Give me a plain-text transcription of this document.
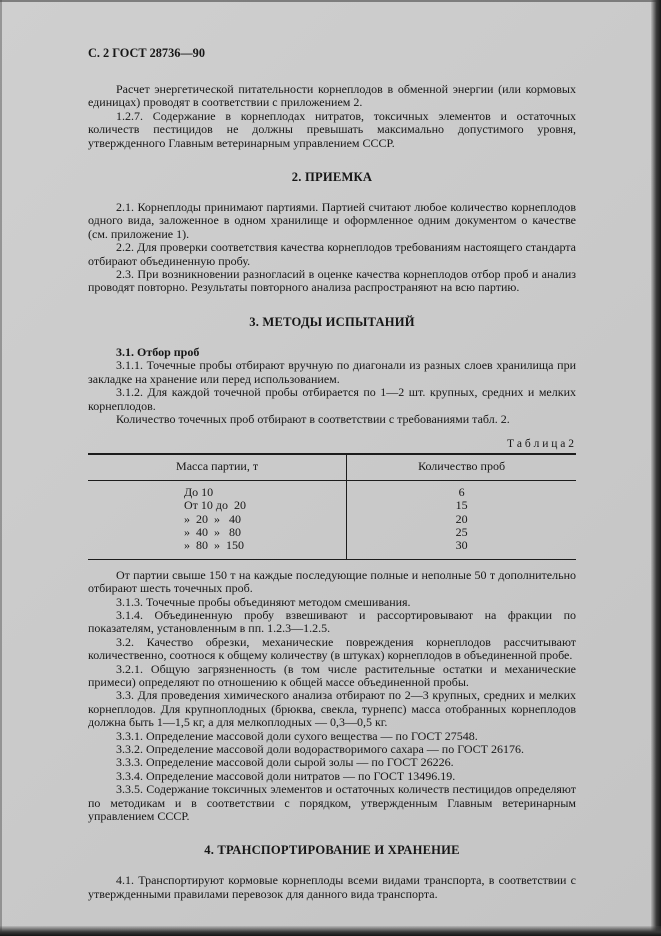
С. 2 ГОСТ 28736—90

Расчет энергетической питательности корнеплодов в обменной энергии (или кормовых единицах) проводят в соответствии с приложением 2.

1.2.7. Содержание в корнеплодах нитратов, токсичных элементов и остаточных количеств пестицидов не должны превышать максимально допустимого уровня, утвержденного Главным ветеринарным управлением СССР.

2. ПРИЕМКА

2.1. Корнеплоды принимают партиями. Партией считают любое количество корнеплодов одного вида, заложенное в одном хранилище и оформленное одним документом о качестве (см. приложение 1).

2.2. Для проверки соответствия качества корнеплодов требованиям настоящего стандарта отбирают объединенную пробу.

2.3. При возникновении разногласий в оценке качества корнеплодов отбор проб и анализ проводят повторно. Результаты повторного анализа распространяют на всю партию.

3. МЕТОДЫ ИСПЫТАНИЙ

3.1. Отбор проб

3.1.1. Точечные пробы отбирают вручную по диагонали из разных слоев хранилища при закладке на хранение или перед использованием.

3.1.2. Для каждой точечной пробы отбирается по 1—2 шт. крупных, средних и мелких корнеплодов.

Количество точечных проб отбирают в соответствии с требованиями табл. 2.

Т а б л и ц а 2
Масса партии, т	Количество проб
До 10	6
От 10 до  20	15
»  20  »   40	20
»  40  »   80	25
»  80  »  150	30

От партии свыше 150 т на каждые последующие полные и неполные 50 т дополнительно отбирают шесть точечных проб.

3.1.3. Точечные пробы объединяют методом смешивания.

3.1.4. Объединенную пробу взвешивают и рассортировывают на фракции по показателям, установленным в пп. 1.2.3—1.2.5.

3.2. Качество обрезки, механические повреждения корнеплодов рассчитывают количественно, соотнося к общему количеству (в штуках) корнеплодов в объединенной пробе.

3.2.1. Общую загрязненность (в том числе растительные остатки и механические примеси) определяют по отношению к общей массе объединенной пробы.

3.3. Для проведения химического анализа отбирают по 2—3 крупных, средних и мелких корнеплодов. Для крупноплодных (брюква, свекла, турнепс) масса отобранных корнеплодов должна быть 1—1,5 кг, а для мелкоплодных — 0,3—0,5 кг.

3.3.1. Определение массовой доли сухого вещества — по ГОСТ 27548.

3.3.2. Определение массовой доли водорастворимого сахара — по ГОСТ 26176.

3.3.3. Определение массовой доли сырой золы — по ГОСТ 26226.

3.3.4. Определение массовой доли нитратов — по ГОСТ 13496.19.

3.3.5. Содержание токсичных элементов и остаточных количеств пестицидов определяют по методикам и в соответствии с порядком, утвержденным Главным ветеринарным управлением СССР.

4. ТРАНСПОРТИРОВАНИЕ И ХРАНЕНИЕ

4.1. Транспортируют кормовые корнеплоды всеми видами транспорта, в соответствии с утвержденными правилами перевозок для данного вида транспорта.
